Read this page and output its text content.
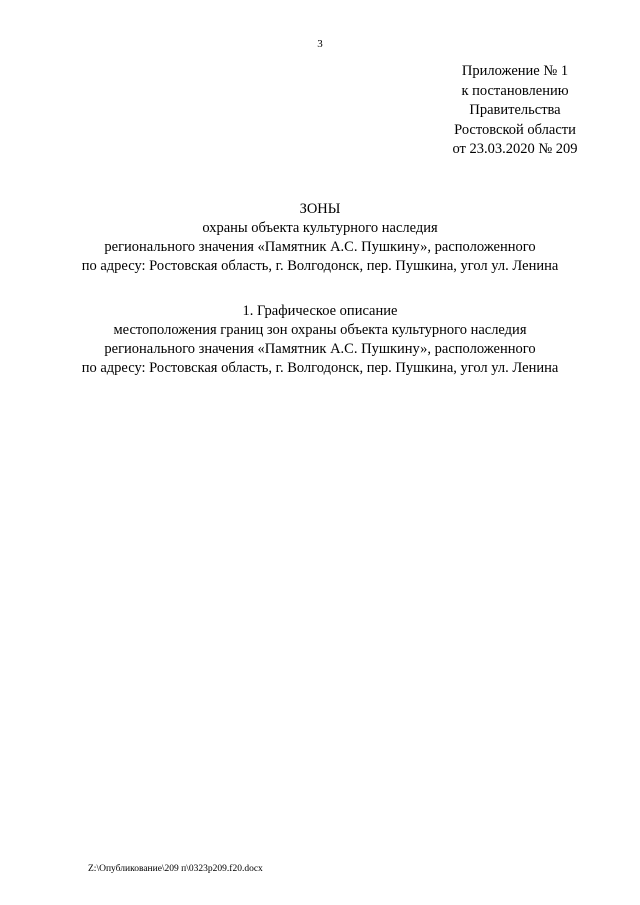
3
Приложение № 1
к постановлению
Правительства
Ростовской области
от 23.03.2020 № 209
ЗОНЫ
охраны объекта культурного наследия
регионального значения «Памятник А.С. Пушкину», расположенного
по адресу: Ростовская область, г. Волгодонск, пер. Пушкина, угол ул. Ленина
1. Графическое описание
местоположения границ зон охраны объекта культурного наследия
регионального значения «Памятник А.С. Пушкину», расположенного
по адресу: Ростовская область, г. Волгодонск, пер. Пушкина, угол ул. Ленина
Z:\Опубликование\209 п\0323p209.f20.docx
